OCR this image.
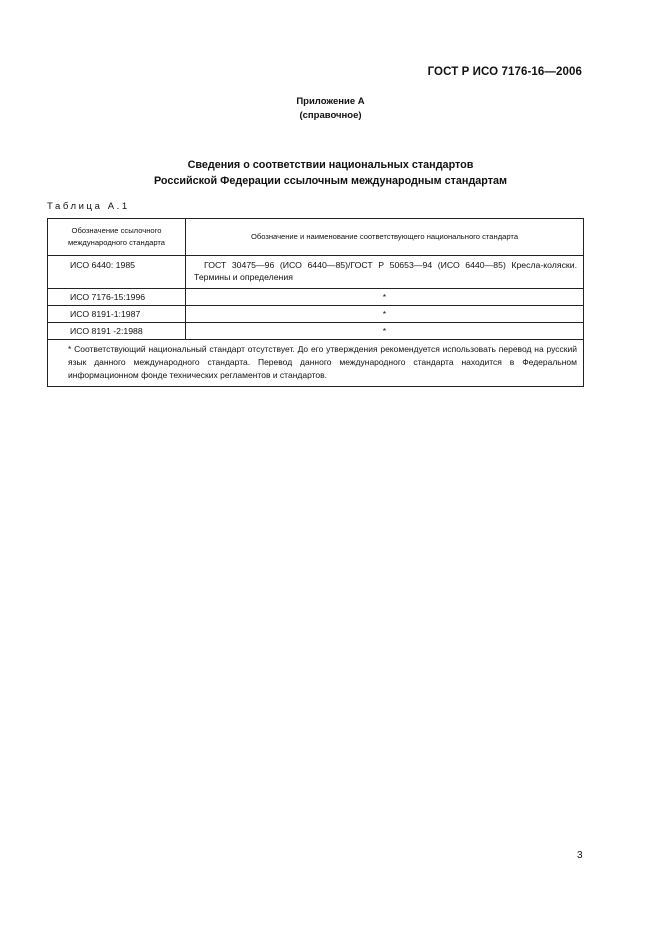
ГОСТ Р ИСО 7176-16—2006
Приложение А
(справочное)
Сведения о соответствии национальных стандартов
Российской Федерации ссылочным международным стандартам
Таблица А.1
Обозначение ссылочного международного стандарта	Обозначение и наименование соответствующего национального стандарта
ИСО 6440: 1985	ГОСТ 30475—96 (ИСО 6440—85)/ГОСТ Р 50653—94 (ИСО 6440—85) Кресла-коляски. Термины и определения
ИСО 7176-15:1996	*
ИСО 8191-1:1987	*
ИСО 8191 -2:1988	*

* Соответствующий национальный стандарт отсутствует. До его утверждения рекомендуется использовать перевод на русский язык данного международного стандарта. Перевод данного международного стандарта находится в Федеральном информационном фонде технических регламентов и стандартов.	
3
